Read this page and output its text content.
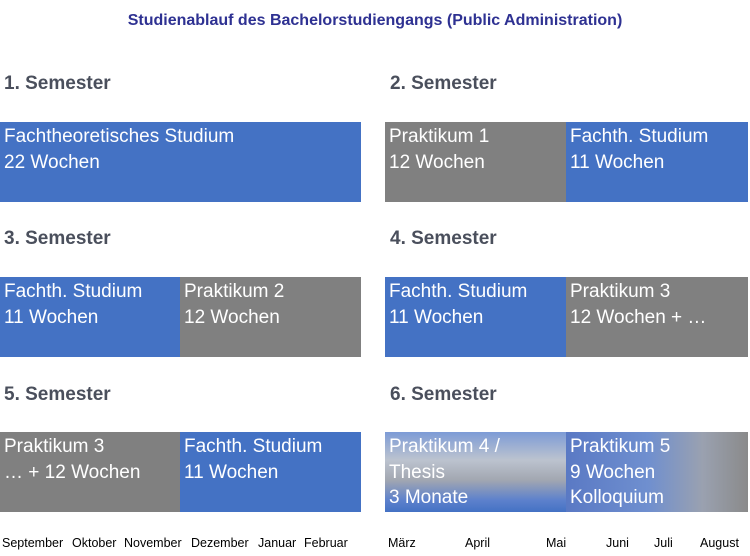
Studienablauf des Bachelorstudiengangs (Public Administration)
1. Semester
Fachtheoretisches Studium
22 Wochen
2. Semester
Praktikum 1
12 Wochen
Fachth. Studium
11 Wochen
3. Semester
Fachth. Studium
11 Wochen
Praktikum 2
12 Wochen
4. Semester
Fachth. Studium
11 Wochen
Praktikum 3
12 Wochen + …
5. Semester
Praktikum 3
… + 12 Wochen
Fachth. Studium
11 Wochen
6. Semester
Praktikum 4 /
Thesis
3 Monate
Praktikum 5
9 Wochen
Kolloquium
September Oktober November Dezember Januar Februar	März	April	Mai	Juni Juli August
